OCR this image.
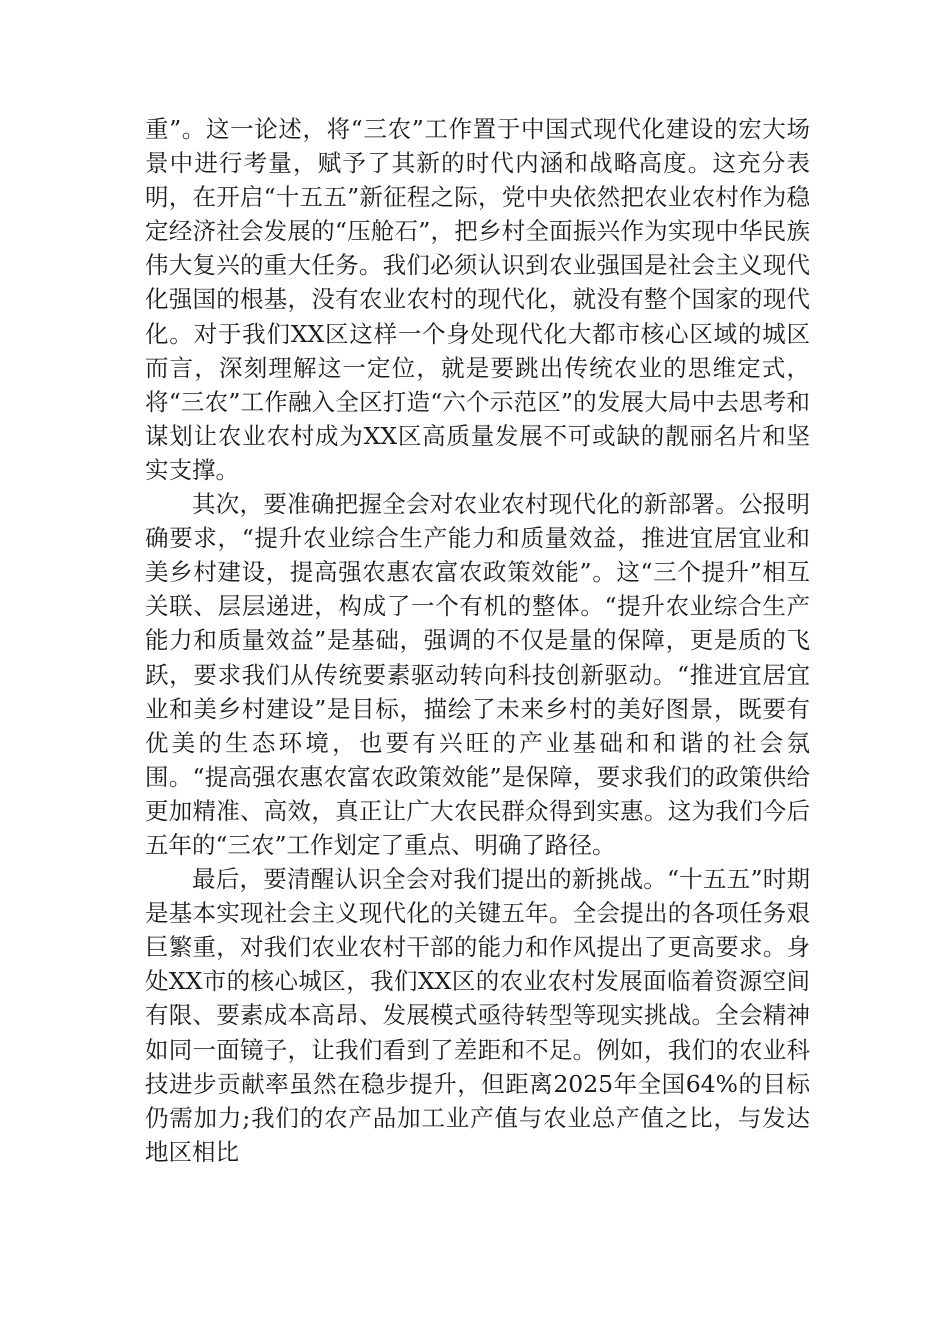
重”。这一论述，将“三农”工作置于中国式现代化建设的宏大场景中进行考量，赋予了其新的时代内涵和战略高度。这充分表明，在开启“十五五”新征程之际，党中央依然把农业农村作为稳定经济社会发展的“压舱石”，把乡村全面振兴作为实现中华民族伟大复兴的重大任务。我们必须认识到农业强国是社会主义现代化强国的根基，没有农业农村的现代化，就没有整个国家的现代化。对于我们XX区这样一个身处现代化大都市核心区域的城区而言，深刻理解这一定位，就是要跳出传统农业的思维定式，将“三农”工作融入全区打造“六个示范区”的发展大局中去思考和谋划让农业农村成为XX区高质量发展不可或缺的靓丽名片和坚实支撑。

其次，要准确把握全会对农业农村现代化的新部署。公报明确要求，“提升农业综合生产能力和质量效益，推进宜居宜业和美乡村建设，提高强农惠农富农政策效能”。这“三个提升”相互关联、层层递进，构成了一个有机的整体。“提升农业综合生产能力和质量效益”是基础，强调的不仅是量的保障，更是质的飞跃，要求我们从传统要素驱动转向科技创新驱动。“推进宜居宜业和美乡村建设”是目标，描绘了未来乡村的美好图景，既要有优美的生态环境，也要有兴旺的产业基础和和谐的社会氛围。“提高强农惠农富农政策效能”是保障，要求我们的政策供给更加精准、高效，真正让广大农民群众得到实惠。这为我们今后五年的“三农”工作划定了重点、明确了路径。

最后，要清醒认识全会对我们提出的新挑战。“十五五”时期是基本实现社会主义现代化的关键五年。全会提出的各项任务艰巨繁重，对我们农业农村干部的能力和作风提出了更高要求。身处XX市的核心城区，我们XX区的农业农村发展面临着资源空间有限、要素成本高昂、发展模式亟待转型等现实挑战。全会精神如同一面镜子，让我们看到了差距和不足。例如，我们的农业科技进步贡献率虽然在稳步提升，但距离2025年全国64%的目标仍需加力;我们的农产品加工业产值与农业总产值之比，与发达地区相比
